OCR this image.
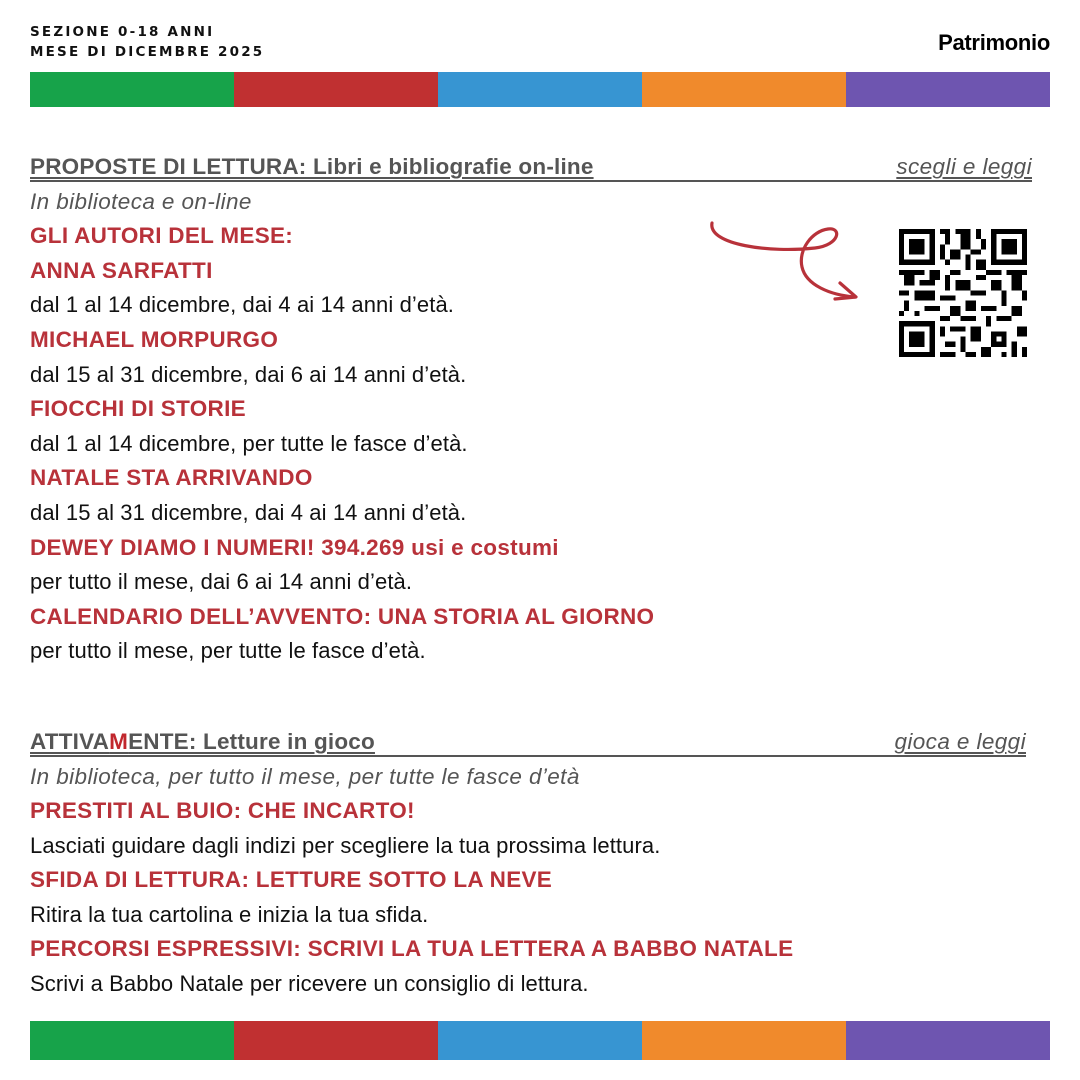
SEZIONE 0-18 ANNI
MESE DI DICEMBRE 2025	Patrimonio
PROPOSTE DI LETTURA: Libri e bibliografie on-line	scegli e leggi
In biblioteca e on-line
GLI AUTORI DEL MESE:
ANNA SARFATTI
dal 1 al 14 dicembre, dai 4 ai 14 anni d’età.
MICHAEL MORPURGO
dal 15 al 31 dicembre, dai 6 ai 14 anni d’età.
FIOCCHI DI STORIE
dal 1 al 14 dicembre, per tutte le fasce d’età.
NATALE STA ARRIVANDO
dal 15 al 31 dicembre, dai 4 ai 14 anni d’età.
DEWEY DIAMO I NUMERI! 394.269 usi e costumi
per tutto il mese, dai 6 ai 14 anni d’età.
CALENDARIO DELL’AVVENTO: UNA STORIA AL GIORNO
per tutto il mese, per tutte le fasce d’età.
ATTIVAMENTE: Letture in gioco	gioca e leggi
In biblioteca, per tutto il mese, per tutte le fasce d’età
PRESTITI AL BUIO: CHE INCARTO!
Lasciati guidare dagli indizi per scegliere la tua prossima lettura.
SFIDA DI LETTURA: LETTURE SOTTO LA NEVE
Ritira la tua cartolina e inizia la tua sfida.
PERCORSI ESPRESSIVI: SCRIVI LA TUA LETTERA A BABBO NATALE
Scrivi a Babbo Natale per ricevere un consiglio di lettura.
